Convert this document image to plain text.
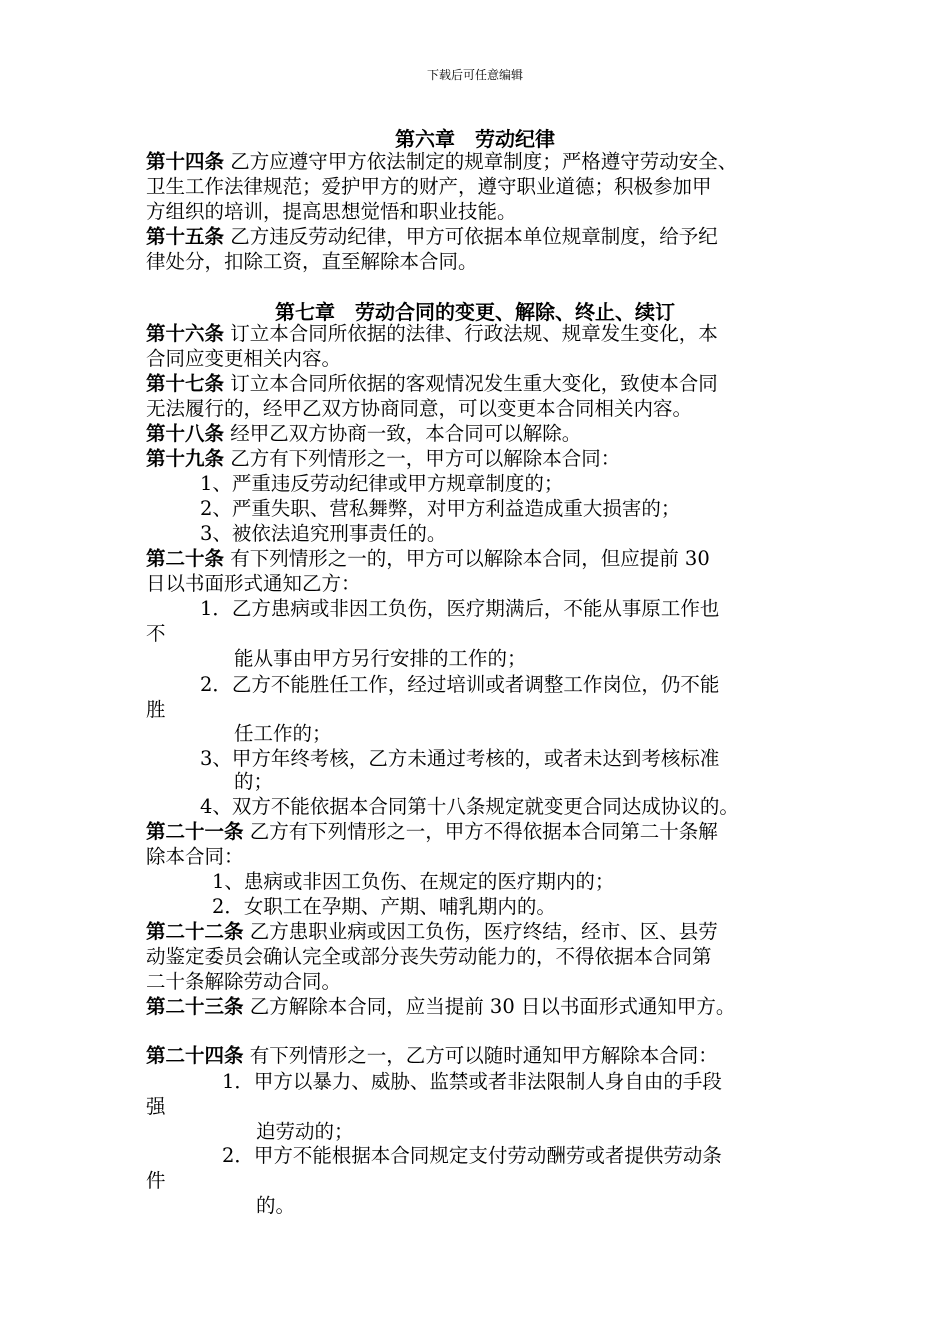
下载后可任意编辑
第六章　劳动纪律
第十四条 乙方应遵守甲方依法制定的规章制度；严格遵守劳动安全、
卫生工作法律规范；爱护甲方的财产，遵守职业道德；积极参加甲
方组织的培训，提高思想觉悟和职业技能。
第十五条 乙方违反劳动纪律，甲方可依据本单位规章制度，给予纪
律处分，扣除工资，直至解除本合同。
第七章　劳动合同的变更、解除、终止、续订
第十六条 订立本合同所依据的法律、行政法规、规章发生变化，本
合同应变更相关内容。
第十七条 订立本合同所依据的客观情况发生重大变化，致使本合同
无法履行的，经甲乙双方协商同意，可以变更本合同相关内容。
第十八条 经甲乙双方协商一致，本合同可以解除。
第十九条 乙方有下列情形之一，甲方可以解除本合同：
1、严重违反劳动纪律或甲方规章制度的；
2、严重失职、营私舞弊，对甲方利益造成重大损害的；
3、被依法追究刑事责任的。
第二十条 有下列情形之一的，甲方可以解除本合同，但应提前 30
日以书面形式通知乙方：
1．乙方患病或非因工负伤，医疗期满后，不能从事原工作也
不
能从事由甲方另行安排的工作的；
2．乙方不能胜任工作，经过培训或者调整工作岗位，仍不能
胜
任工作的；
3、甲方年终考核，乙方未通过考核的，或者未达到考核标准
的；
4、双方不能依据本合同第十八条规定就变更合同达成协议的。
第二十一条 乙方有下列情形之一，甲方不得依据本合同第二十条解
除本合同：
1、患病或非因工负伤、在规定的医疗期内的；
2．女职工在孕期、产期、哺乳期内的。
第二十二条 乙方患职业病或因工负伤，医疗终结，经市、区、县劳
动鉴定委员会确认完全或部分丧失劳动能力的，不得依据本合同第
二十条解除劳动合同。
第二十三条 乙方解除本合同，应当提前 30 日以书面形式通知甲方。
第二十四条 有下列情形之一，乙方可以随时通知甲方解除本合同：
1．甲方以暴力、威胁、监禁或者非法限制人身自由的手段
强
迫劳动的；
2．甲方不能根据本合同规定支付劳动酬劳或者提供劳动条
件
的。
